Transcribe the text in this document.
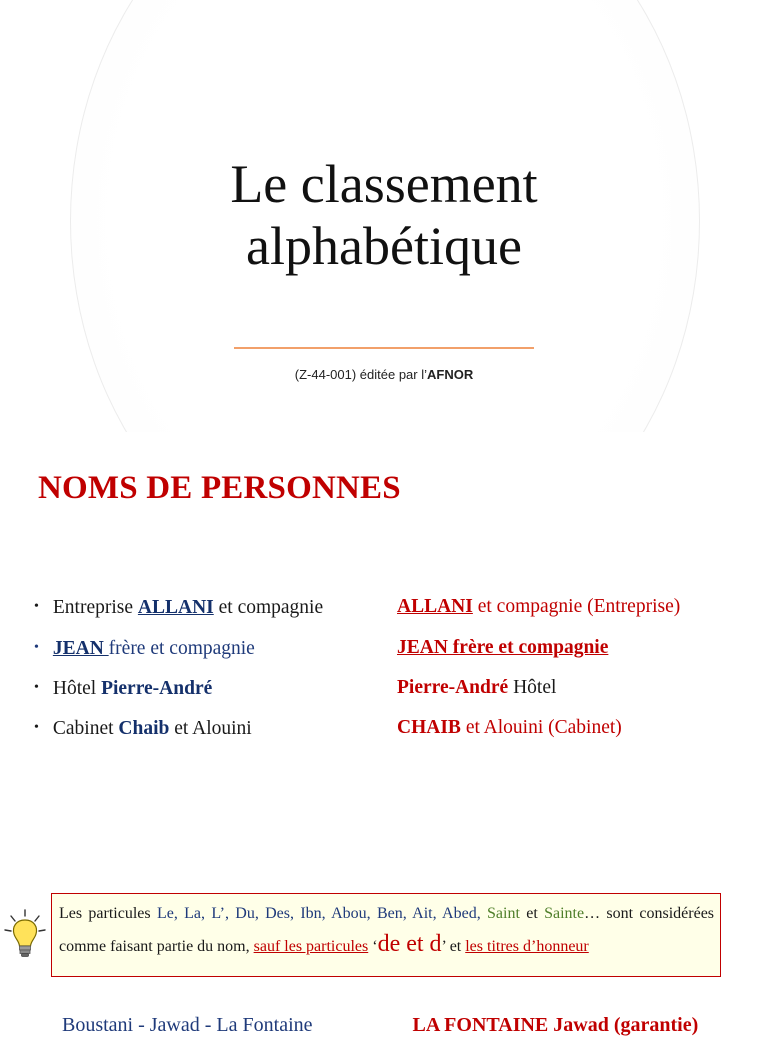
Le classement
alphabétique
(Z-44-001) éditée par l’AFNOR
NOMS DE PERSONNES
• Entreprise ALLANI et compagnie	ALLANI et compagnie (Entreprise)
• JEAN frère et compagnie	JEAN frère et compagnie
• Hôtel Pierre-André	Pierre-André Hôtel
• Cabinet Chaib et Alouini	CHAIB et Alouini (Cabinet)
Les particules Le, La, L’, Du, Des, Ibn, Abou, Ben, Ait, Abed, Saint et Sainte… sont considérées comme faisant partie du nom, sauf les particules ‘de et d’ et les titres d’honneur
Boustani - Jawad - La Fontaine	LA FONTAINE Jawad (garantie)
